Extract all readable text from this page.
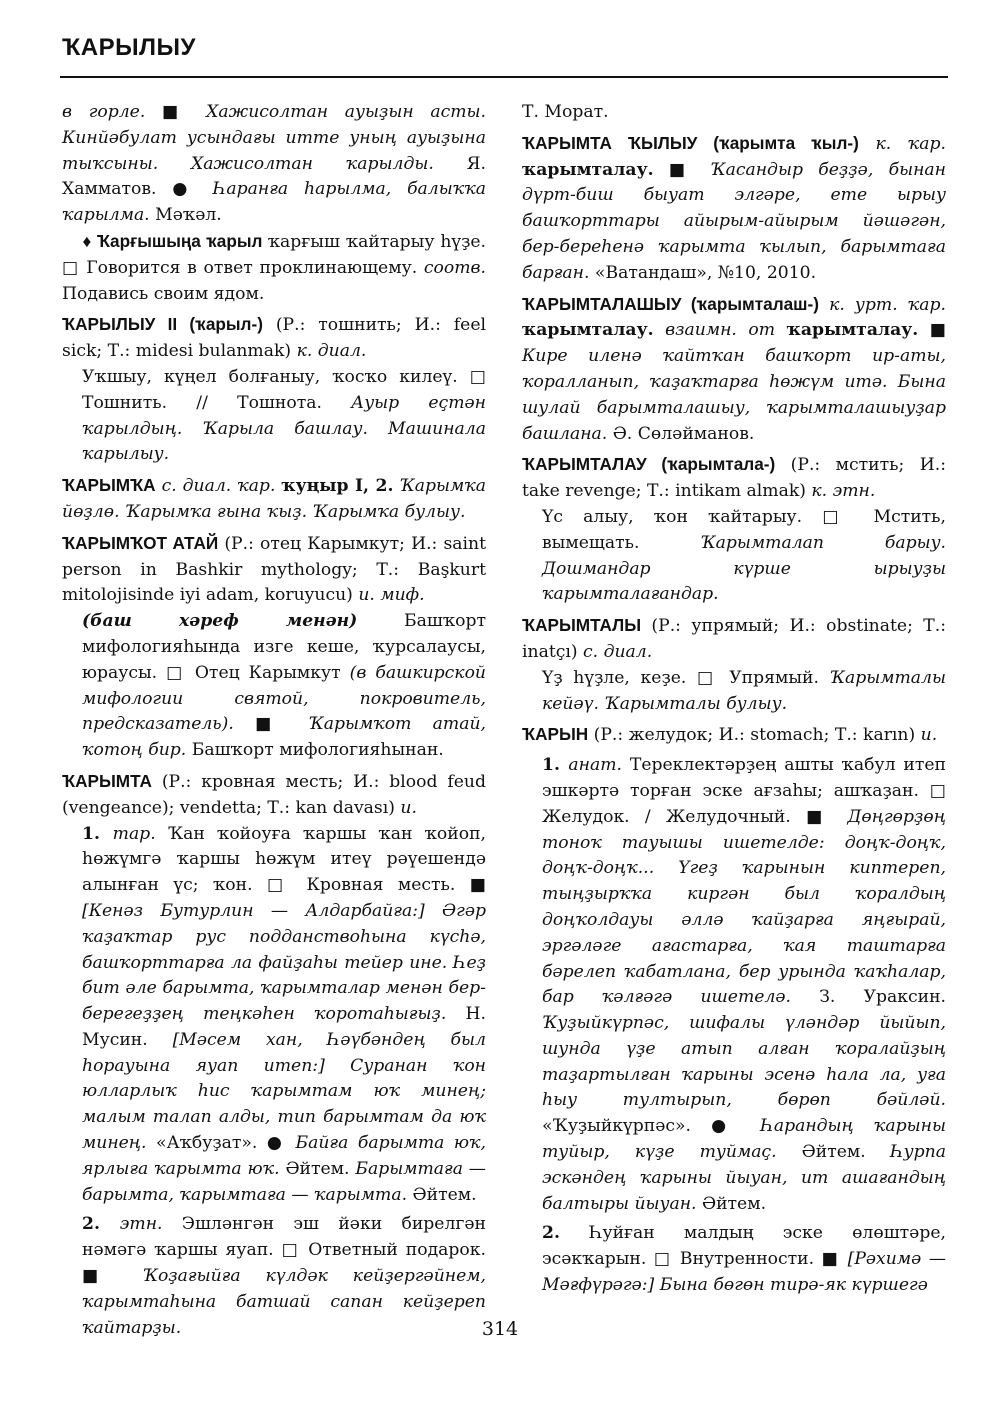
ҠАРЫЛЫУ

в горле. ■ Хажисолтан ауыҙын асты. Кинйәбулат усындағы итте уның ауыҙына тыҡсыны. Хажисолтан ҡарылды. Я. Хамматов. ● Һаранға һарылма, балыҡҡа ҡарылма. Мәҡәл.
♦ Ҡарғышыңа ҡарыл ҡарғыш ҡайтарыу һүҙе. □ Говорится в ответ проклинающему. соотв. Подавись своим ядом.

ҠАРЫЛЫУ II (ҡарыл-) (Р.: тошнить; И.: feel sick; Т.: midesi bulanmak) к. диал.

Уҡшыу, күңел болғаныу, ҡосҡо килеү. □ Тошнить. // Тошнота. Ауыр еҫтән ҡарылдың. Ҡарыла башлау. Машинала ҡарылыу.

ҠАРЫМҠА с. диал. ҡар. ҡуңыр I, 2. Ҡарымҡа йөҙлө. Ҡарымҡа ғына ҡыҙ. Ҡарымҡа булыу.

ҠАРЫМҠОТ АТАЙ (Р.: отец Карымкут; И.: saint person in Bashkir mythology; Т.: Başkurt mitolojisinde iyi adam, koruyucu) и. миф.

(баш хәреф менән) Башҡорт мифологияһында изге кеше, ҡурсалаусы, юраусы. □ Отец Карымкут (в башкирской мифологии святой, покровитель, предсказатель). ■ Ҡарымҡот атай, ҡотоң бир. Башҡорт мифологияһынан.

ҠАРЫМТА (Р.: кровная месть; И.: blood feud (vengeance); vendetta; Т.: kan davası) и.

1. тар. Ҡан ҡойоуға ҡаршы ҡан ҡойоп, һөжүмгә ҡаршы һөжүм итеү рәүешендә алынған үс; ҡон. □ Кровная месть. ■ [Кенәз Бутурлин — Алдарбайға:] Әгәр ҡаҙаҡтар рус подданствоһына күсһә, башҡорттарға ла файҙаһы тейер ине. Һеҙ бит әле барымта, ҡарымталар менән бер-берегеҙҙең теңкәһен ҡоротаһығыҙ. Н. Мусин. [Мәсем хан, Һәүбәндең был һорауына яуап итеп:] Суранан ҡон юлларлыҡ һис ҡарымтам юҡ минең; малым талап алды, тип барымтам да юҡ минең. «Аҡбуҙат». ● Байға барымта юҡ, ярлыға ҡарымта юҡ. Әйтем. Барымтаға — барымта, ҡарымтаға — ҡарымта. Әйтем.

2. этн. Эшләнгән эш йәки бирелгән нәмәгә ҡаршы яуап. □ Ответный подарок. ■ Ҡоҙағыйға күлдәк кейҙергәйнем, ҡарымтаһына батшай сапан кейҙереп ҡайтарҙы.

Т. Морат.

ҠАРЫМТА ҠЫЛЫУ (ҡарымта ҡыл-) к. ҡар. ҡарымталау. ■ Ҡасандыр беҙҙә, бынан дүрт-биш быуат элгәре, ете ырыу башҡорттары айырым-айырым йәшәгән, бер-береһенә ҡарымта ҡылып, барымтаға барған. «Ватандаш», №10, 2010.

ҠАРЫМТАЛАШЫУ (ҡарымталаш-) к. урт. ҡар. ҡарымталау. взаимн. от ҡарымталау. ■ Кире иленә ҡайтҡан башҡорт ир-аты, ҡоралланып, ҡаҙаҡтарға һөжүм итә. Бына шулай барымталашыу, ҡарымталашыуҙар башлана. Ә. Сөләйманов.

ҠАРЫМТАЛАУ (ҡарымтала-) (Р.: мстить; И.: take revenge; Т.: intikam almak) к. этн.

Үс алыу, ҡон ҡайтарыу. □ Мстить, вымещать. Ҡарымталап барыу. Дошмандар күрше ырыуҙы ҡарымталағандар.

ҠАРЫМТАЛЫ (Р.: упрямый; И.: obstinate; Т.: inatçı) с. диал.

Үҙ һүҙле, кеҙе. □ Упрямый. Ҡарымталы кейәү. Ҡарымталы булыу.

ҠАРЫН (Р.: желудок; И.: stomach; Т.: karın) и.

1. анат. Тереклектәрҙең ашты ҡабул итеп эшкәртә торған эске ағзаһы; ашҡаҙан. □ Желудок. / Желудочный. ■ Дөңгөрҙөң тоноҡ тауышы ишетелде: доңҡ-доңҡ, доңҡ-доңҡ... Үгеҙ ҡарынын киптереп, тыңҙырҡҡа киргән был ҡоралдың доңҡолдауы әллә ҡайҙарға яңғырай, эргәләге ағастарға, ҡая таштарға бәрелеп ҡабатлана, бер урында ҡаҡһалар, бар ҡәлғәгә ишетелә. З. Ураксин. Ҡуҙыйкүрпәс, шифалы үләндәр йыйып, шунда үҙе атып алған ҡоралайҙың таҙартылған ҡарыны эсенә һала ла, уға һыу тултырып, бөрөп бәйләй. «Ҡуҙыйкүрпәс». ● Һарандың ҡарыны туйыр, күҙе туймаҫ. Әйтем. Һурпа эскәндең ҡарыны йыуан, ит ашағандың балтыры йыуан. Әйтем.

2. Һуйған малдың эске өлөштәре, эсәкҡарын. □ Внутренности. ■ [Рәхимә — Мәғфүрәгә:] Бына бөгөн тирә-як күршегә

314
